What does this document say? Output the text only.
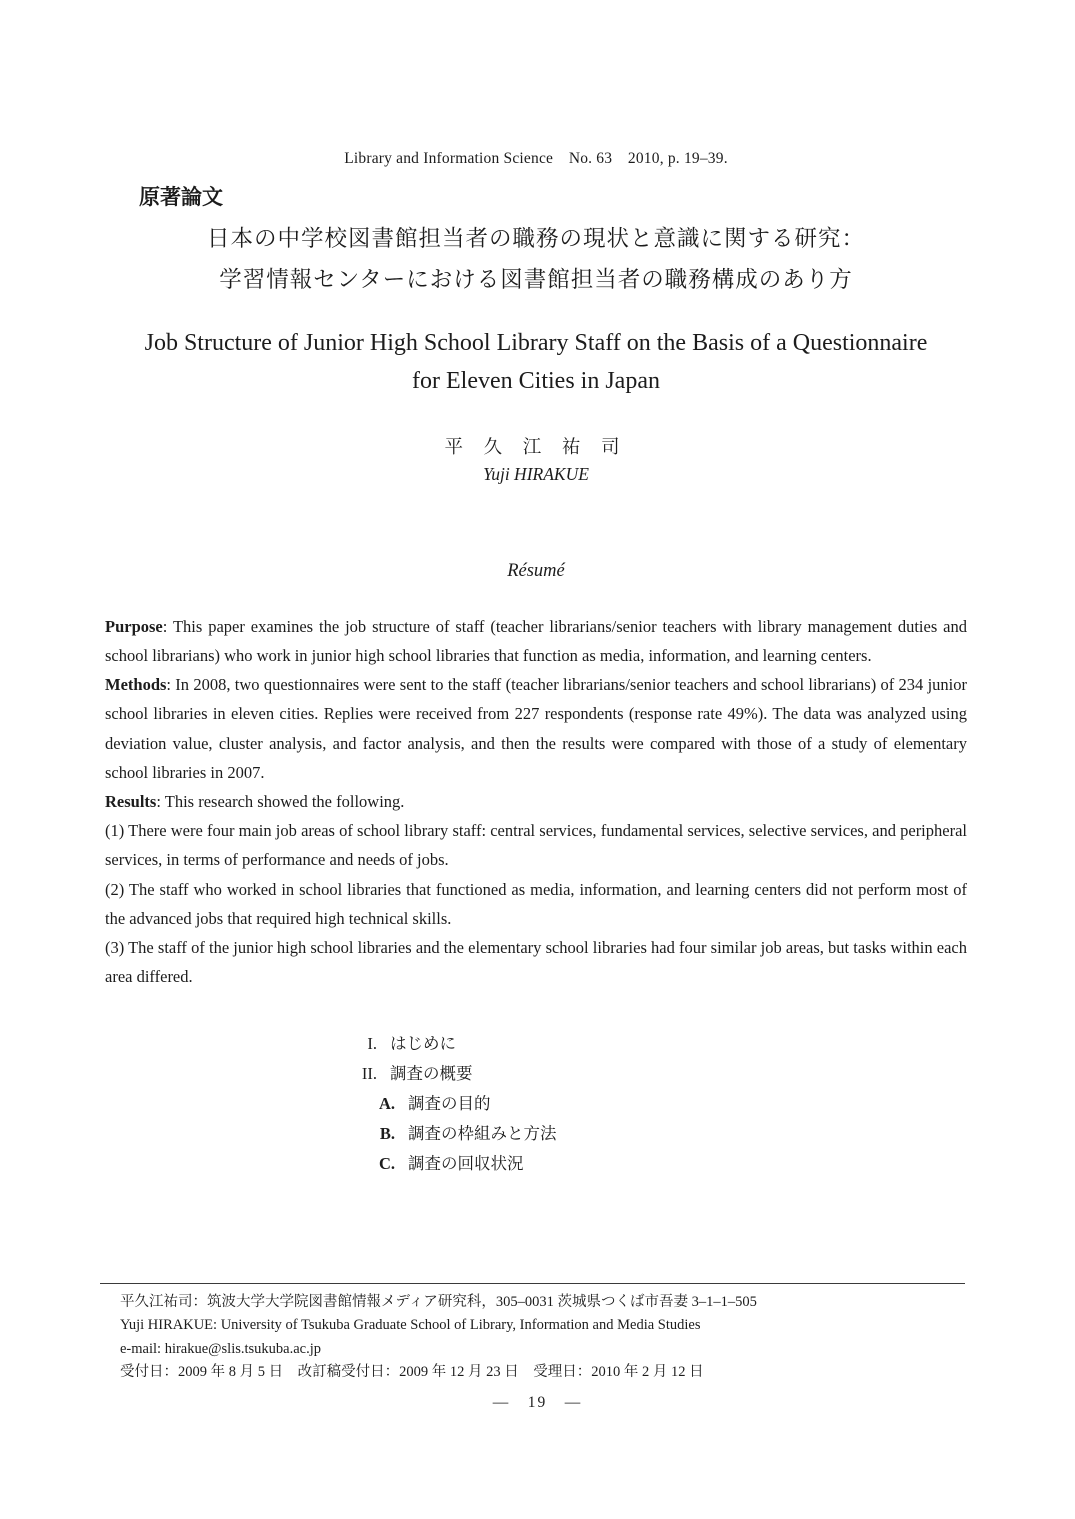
Library and Information Science　No. 63　2010, p. 19–39.
原著論文
日本の中学校図書館担当者の職務の現状と意識に関する研究：
学習情報センターにおける図書館担当者の職務構成のあり方
Job Structure of Junior High School Library Staff on the Basis of a Questionnaire
for Eleven Cities in Japan
平 久 江 祐 司
Yuji HIRAKUE
Résumé

Purpose: This paper examines the job structure of staff (teacher librarians/senior teachers with library management duties and school librarians) who work in junior high school libraries that function as media, information, and learning centers.

Methods: In 2008, two questionnaires were sent to the staff (teacher librarians/senior teachers and school librarians) of 234 junior school libraries in eleven cities. Replies were received from 227 respondents (response rate 49%). The data was analyzed using deviation value, cluster analysis, and factor analysis, and then the results were compared with those of a study of elementary school libraries in 2007.

Results: This research showed the following.

(1) There were four main job areas of school library staff: central services, fundamental services, selective services, and peripheral services, in terms of performance and needs of jobs.

(2) The staff who worked in school libraries that functioned as media, information, and learning centers did not perform most of the advanced jobs that required high technical skills.

(3) The staff of the junior high school libraries and the elementary school libraries had four similar job areas, but tasks within each area differed.

I. はじめに
II. 調査の概要
A. 調査の目的
B. 調査の枠組みと方法
C. 調査の回収状況
平久江祐司：筑波大学大学院図書館情報メディア研究科，305–0031 茨城県つくば市吾妻 3–1–1–505
Yuji HIRAKUE: University of Tsukuba Graduate School of Library, Information and Media Studies
e-mail: hirakue@slis.tsukuba.ac.jp
受付日：2009 年 8 月 5 日　改訂稿受付日：2009 年 12 月 23 日　受理日：2010 年 2 月 12 日
—　19　—
